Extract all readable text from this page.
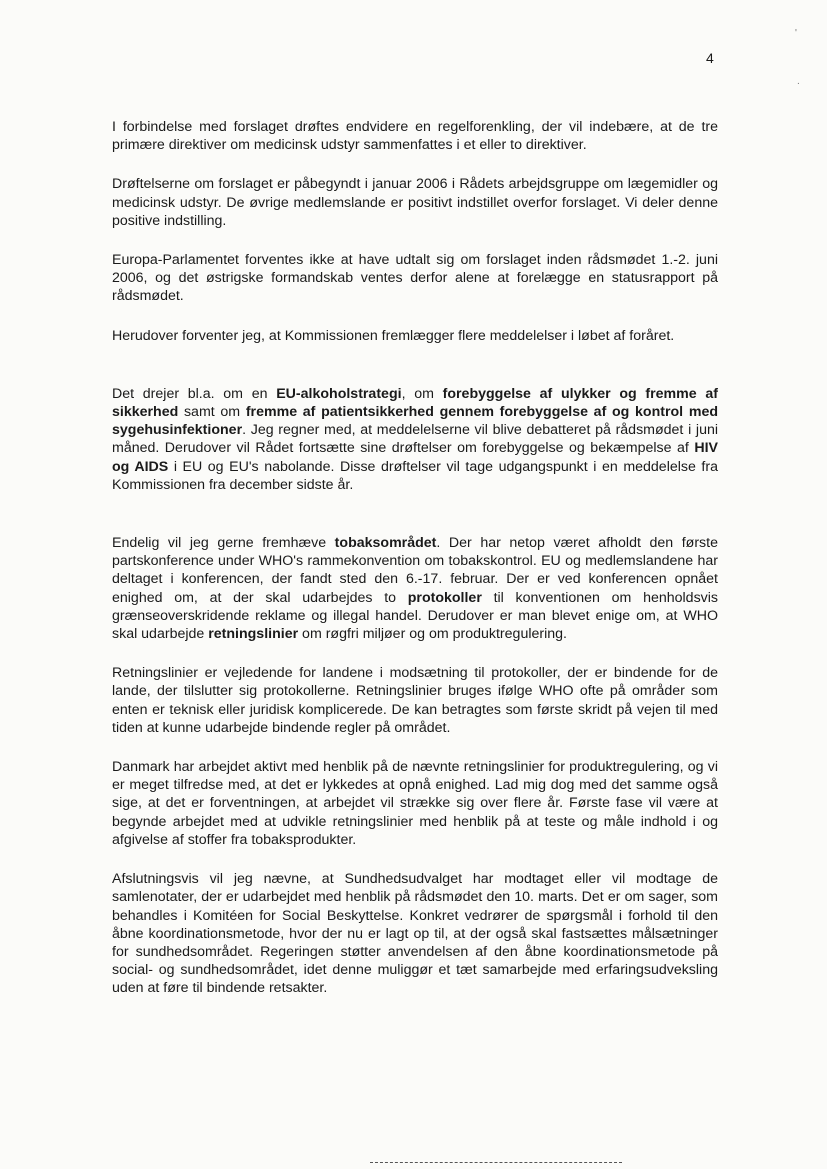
4
'
.

I forbindelse med forslaget drøftes endvidere en regelforenkling, der vil indebære, at de tre primære direktiver om medicinsk udstyr sammenfattes i et eller to direktiver.

Drøftelserne om forslaget er påbegyndt i januar 2006 i Rådets arbejdsgruppe om lægemidler og medicinsk udstyr. De øvrige medlemslande er positivt indstillet overfor forslaget. Vi deler denne positive indstilling.

Europa-Parlamentet forventes ikke at have udtalt sig om forslaget inden rådsmødet 1.-2. juni 2006, og det østrigske formandskab ventes derfor alene at forelægge en statusrapport på rådsmødet.

Herudover forventer jeg, at Kommissionen fremlægger flere meddelelser i løbet af foråret.

Det drejer bl.a. om en EU-alkoholstrategi, om forebyggelse af ulykker og fremme af sikkerhed samt om fremme af patientsikkerhed gennem forebyggelse af og kontrol med sygehusinfektioner. Jeg regner med, at meddelelserne vil blive debatteret på rådsmødet i juni måned. Derudover vil Rådet fortsætte sine drøftelser om forebyggelse og bekæmpelse af HIV og AIDS i EU og EU's nabolande. Disse drøftelser vil tage udgangspunkt i en meddelelse fra Kommissionen fra december sidste år.

Endelig vil jeg gerne fremhæve tobaksområdet. Der har netop været afholdt den første partskonference under WHO's rammekonvention om tobakskontrol. EU og medlemslandene har deltaget i konferencen, der fandt sted den 6.-17. februar. Der er ved konferencen opnået enighed om, at der skal udarbejdes to protokoller til konventionen om henholdsvis grænseoverskridende reklame og illegal handel. Derudover er man blevet enige om, at WHO skal udarbejde retningslinier om røgfri miljøer og om produktregulering.

Retningslinier er vejledende for landene i modsætning til protokoller, der er bindende for de lande, der tilslutter sig protokollerne. Retningslinier bruges ifølge WHO ofte på områder som enten er teknisk eller juridisk komplicerede. De kan betragtes som første skridt på vejen til med tiden at kunne udarbejde bindende regler på området.

Danmark har arbejdet aktivt med henblik på de nævnte retningslinier for produktregulering, og vi er meget tilfredse med, at det er lykkedes at opnå enighed. Lad mig dog med det samme også sige, at det er forventningen, at arbejdet vil strække sig over flere år. Første fase vil være at begynde arbejdet med at udvikle retningslinier med henblik på at teste og måle indhold i og afgivelse af stoffer fra tobaksprodukter.

Afslutningsvis vil jeg nævne, at Sundhedsudvalget har modtaget eller vil modtage de samlenotater, der er udarbejdet med henblik på rådsmødet den 10. marts. Det er om sager, som behandles i Komitéen for Social Beskyttelse. Konkret vedrører de spørgsmål i forhold til den åbne koordinationsmetode, hvor der nu er lagt op til, at der også skal fastsættes målsætninger for sundhedsområdet. Regeringen støtter anvendelsen af den åbne koordinationsmetode på social- og sundhedsområdet, idet denne muliggør et tæt samarbejde med erfaringsudveksling uden at føre til bindende retsakter.
